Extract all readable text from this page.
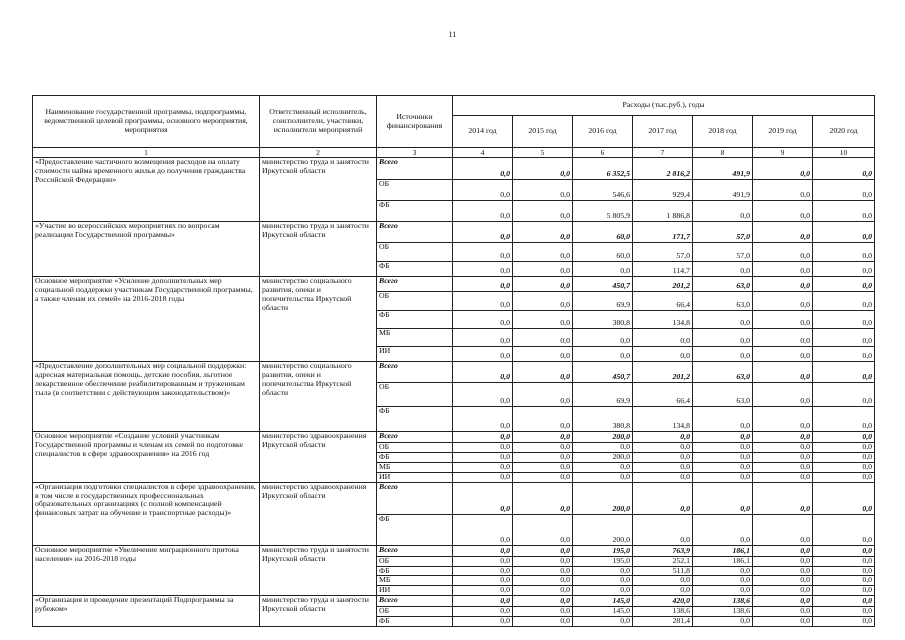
11
Наименование государственной программы, подпрограммы, ведомственной целевой программы, основного мероприятия, мероприятия	Ответственный исполнитель, соисполнители, участники, исполнители мероприятий	Источники финансирования	Расходы (тыс.руб.), годы						
			2014 год	2015 год	2016 год	2017 год	2018 год	2019 год	2020 год
1	2	3	4	5	6	7	8	9	10
«Предоставление частичного возмещения расходов на оплату стоимости найма временного жилья до получения гражданства Российской Федерации»	министерство труда и занятости Иркутской области	Всего	0,0	0,0	6 352,5	2 816,2	491,9	0,0	0,0
		ОБ	0,0	0,0	546,6	929,4	491,9	0,0	0,0
		ФБ	0,0	0,0	5 805,9	1 886,8	0,0	0,0	0,0
«Участие во всероссийских мероприятиях по вопросам реализации Государственной программы»	министерство труда и занятости Иркутской области	Всего	0,0	0,0	60,0	171,7	57,0	0,0	0,0
		ОБ	0,0	0,0	60,0	57,0	57,0	0,0	0,0
		ФБ	0,0	0,0	0,0	114,7	0,0	0,0	0,0
Основное мероприятие «Усиление дополнительных мер социальной поддержки участникам Государственной программы, а также членам их семей» на 2016-2018 годы	министерство социального развития, опеки и попечительства Иркутской области	Всего	0,0	0,0	450,7	201,2	63,0	0,0	0,0
		ОБ	0,0	0,0	69,9	66,4	63,0	0,0	0,0
		ФБ	0,0	0,0	380,8	134,8	0,0	0,0	0,0
		МБ	0,0	0,0	0,0	0,0	0,0	0,0	0,0
		ИИ	0,0	0,0	0,0	0,0	0,0	0,0	0,0
«Предоставление дополнительных мер социальной поддержки: адресная материальная помощь, детские пособия, льготное лекарственное обеспечение реабилитированным и труженикам тыла (в соответствии с действующим законодательством)»	министерство социального развития, опеки и попечительства Иркутской области	Всего	0,0	0,0	450,7	201,2	63,0	0,0	0,0
		ОБ	0,0	0,0	69,9	66,4	63,0	0,0	0,0
		ФБ	0,0	0,0	380,8	134,8	0,0	0,0	0,0
Основное мероприятие «Создание условий участникам Государственной программы и членам их семей по подготовке специалистов в сфере здравоохранения» на 2016 год	министерство здравоохранения Иркутской области	Всего	0,0	0,0	200,0	0,0	0,0	0,0	0,0
		ОБ	0,0	0,0	0,0	0,0	0,0	0,0	0,0
		ФБ	0,0	0,0	200,0	0,0	0,0	0,0	0,0
		МБ	0,0	0,0	0,0	0,0	0,0	0,0	0,0
		ИИ	0,0	0,0	0,0	0,0	0,0	0,0	0,0
«Организация подготовки специалистов в сфере здравоохранения, в том числе в государственных профессиональных образовательных организациях (с полной компенсацией финансовых затрат на обучение и транспортные расходы)»	министерство здравоохранения Иркутской области	Всего	0,0	0,0	200,0	0,0	0,0	0,0	0,0
		ФБ	0,0	0,0	200,0	0,0	0,0	0,0	0,0
Основное мероприятие «Увеличение миграционного притока населения» на 2016-2018 годы	министерство труда и занятости Иркутской области	Всего	0,0	0,0	195,0	763,9	186,1	0,0	0,0
		ОБ	0,0	0,0	195,0	252,1	186,1	0,0	0,0
		ФБ	0,0	0,0	0,0	511,8	0,0	0,0	0,0
		МБ	0,0	0,0	0,0	0,0	0,0	0,0	0,0
		ИИ	0,0	0,0	0,0	0,0	0,0	0,0	0,0
«Организация и проведение презентаций Подпрограммы за рубежом»	министерство труда и занятости Иркутской области	Всего	0,0	0,0	145,0	420,0	138,6	0,0	0,0
		ОБ	0,0	0,0	145,0	138,6	138,6	0,0	0,0
		ФБ	0,0	0,0	0,0	281,4	0,0	0,0	0,0
